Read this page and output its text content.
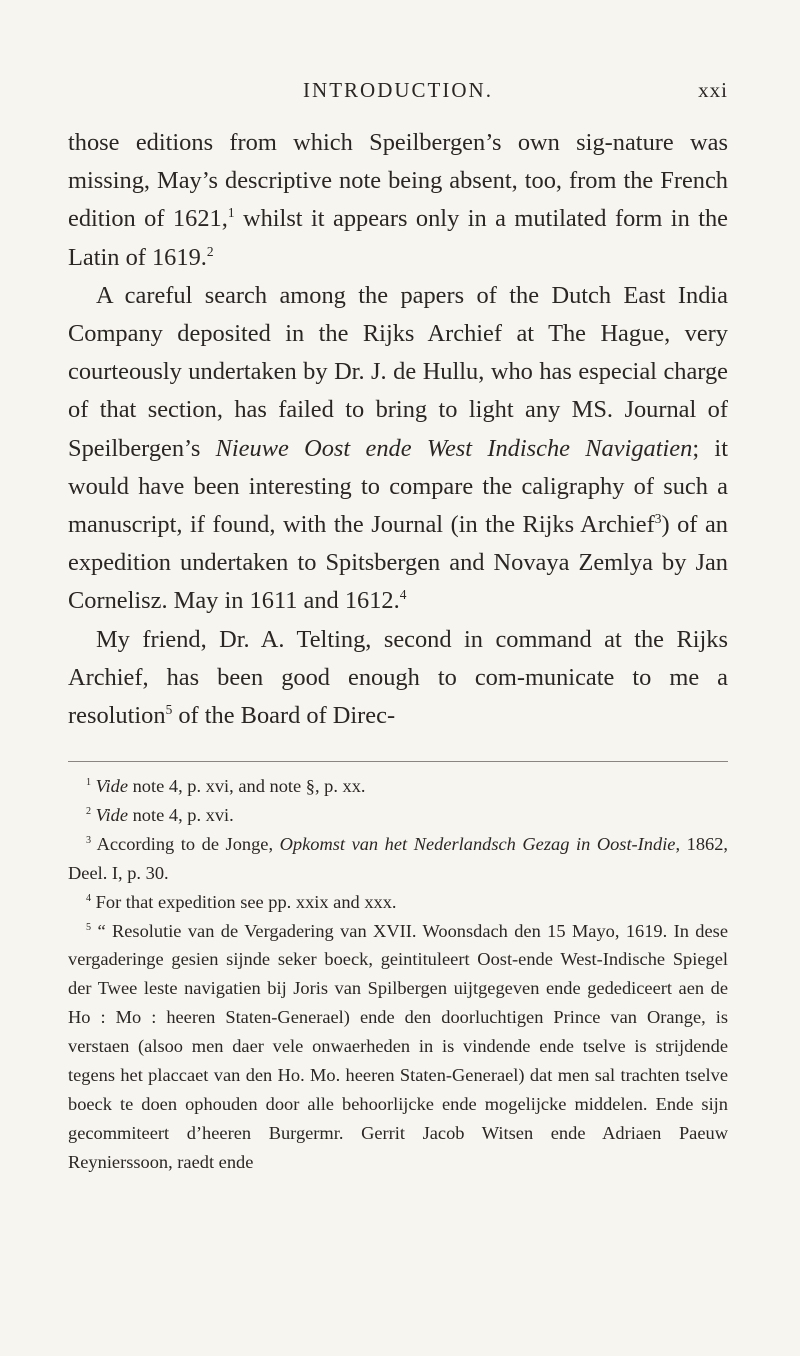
INTRODUCTION.	xxi

those editions from which Speilbergen’s own sig-nature was missing, May’s descriptive note being absent, too, from the French edition of 1621,$^1$ whilst it appears only in a mutilated form in the Latin of 1619.$^2$

A careful search among the papers of the Dutch East India Company deposited in the Rijks Archief at The Hague, very courteously undertaken by Dr. J. de Hullu, who has especial charge of that section, has failed to bring to light any MS. Journal of Speilbergen’s Nieuwe Oost ende West Indische Navigatien; it would have been interesting to compare the caligraphy of such a manuscript, if found, with the Journal (in the Rijks Archief$^3$) of an expedition undertaken to Spitsbergen and Novaya Zemlya by Jan Cornelisz. May in 1611 and 1612.$^4$

My friend, Dr. A. Telting, second in command at the Rijks Archief, has been good enough to com-municate to me a resolution$^5$ of the Board of Direc-

$^1$ Vide note 4, p. xvi, and note §, p. xx.

$^2$ Vide note 4, p. xvi.

$^3$ According to de Jonge, Opkomst van het Nederlandsch Gezag in Oost-Indie, 1862, Deel. I, p. 30.

$^4$ For that expedition see pp. xxix and xxx.

$^5$ “ Resolutie van de Vergadering van XVII. Woonsdach den 15 Mayo, 1619. In dese vergaderinge gesien sijnde seker boeck, geintituleert Oost-ende West-Indische Spiegel der Twee leste navigatien bij Joris van Spilbergen uijtgegeven ende gedediceert aen de Ho : Mo : heeren Staten-Generael) ende den doorluchtigen Prince van Orange, is verstaen (alsoo men daer vele onwaerheden in is vindende ende tselve is strijdende tegens het placcaet van den Ho. Mo. heeren Staten-Generael) dat men sal trachten tselve boeck te doen ophouden door alle behoorlijcke ende mogelijcke middelen. Ende sijn gecommiteert d’heeren Burgermr. Gerrit Jacob Witsen ende Adriaen Paeuw Reynierssoon, raedt ende
